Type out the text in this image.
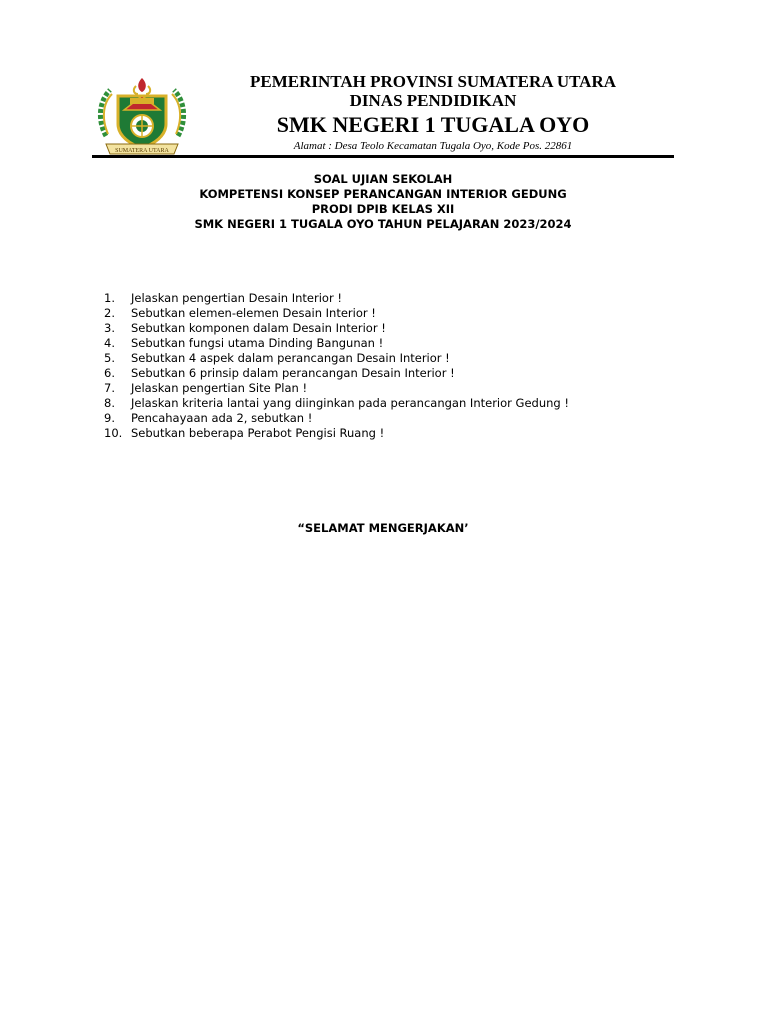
SUMATERA UTARA
PEMERINTAH PROVINSI SUMATERA UTARA
DINAS PENDIDIKAN
SMK NEGERI 1 TUGALA OYO
Alamat : Desa Teolo Kecamatan Tugala Oyo, Kode Pos. 22861
SOAL UJIAN SEKOLAH
KOMPETENSI KONSEP PERANCANGAN INTERIOR GEDUNG
PRODI DPIB KELAS XII
SMK NEGERI 1 TUGALA OYO TAHUN PELAJARAN 2023/2024
1.	Jelaskan pengertian Desain Interior !
2.	Sebutkan elemen-elemen Desain Interior !
3.	Sebutkan komponen dalam Desain Interior !
4.	Sebutkan fungsi utama Dinding Bangunan !
5.	Sebutkan 4 aspek dalam perancangan Desain Interior !
6.	Sebutkan 6 prinsip dalam perancangan Desain Interior !
7.	Jelaskan pengertian Site Plan !
8.	Jelaskan kriteria lantai yang diinginkan pada perancangan Interior Gedung !
9.	Pencahayaan ada 2, sebutkan !
10. Sebutkan beberapa Perabot Pengisi Ruang !
“SELAMAT MENGERJAKAN’
